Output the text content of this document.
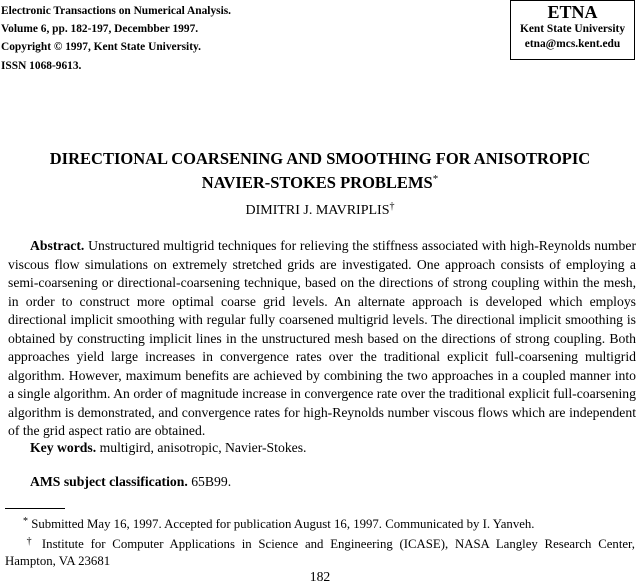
Electronic Transactions on Numerical Analysis.
Volume 6, pp. 182-197, Decembber 1997.
Copyright © 1997, Kent State University.
ISSN 1068-9613.
ETNA
Kent State University
etna@mcs.kent.edu
DIRECTIONAL COARSENING AND SMOOTHING FOR ANISOTROPIC
NAVIER-STOKES PROBLEMS*
DIMITRI J. MAVRIPLIS†
Abstract. Unstructured multigrid techniques for relieving the stiffness associated with high-Reynolds number viscous flow simulations on extremely stretched grids are investigated. One approach consists of employing a semi-coarsening or directional-coarsening technique, based on the directions of strong coupling within the mesh, in order to construct more optimal coarse grid levels. An alternate approach is developed which employs directional implicit smoothing with regular fully coarsened multigrid levels. The directional implicit smoothing is obtained by constructing implicit lines in the unstructured mesh based on the directions of strong coupling. Both approaches yield large increases in convergence rates over the traditional explicit full-coarsening multigrid algorithm. However, maximum benefits are achieved by combining the two approaches in a coupled manner into a single algorithm. An order of magnitude increase in convergence rate over the traditional explicit full-coarsening algorithm is demonstrated, and convergence rates for high-Reynolds number viscous flows which are independent of the grid aspect ratio are obtained.
Key words. multigird, anisotropic, Navier-Stokes.
AMS subject classification. 65B99.
* Submitted May 16, 1997. Accepted for publication August 16, 1997. Communicated by I. Yanveh.
† Institute for Computer Applications in Science and Engineering (ICASE), NASA Langley Research Center, Hampton, VA 23681
182
